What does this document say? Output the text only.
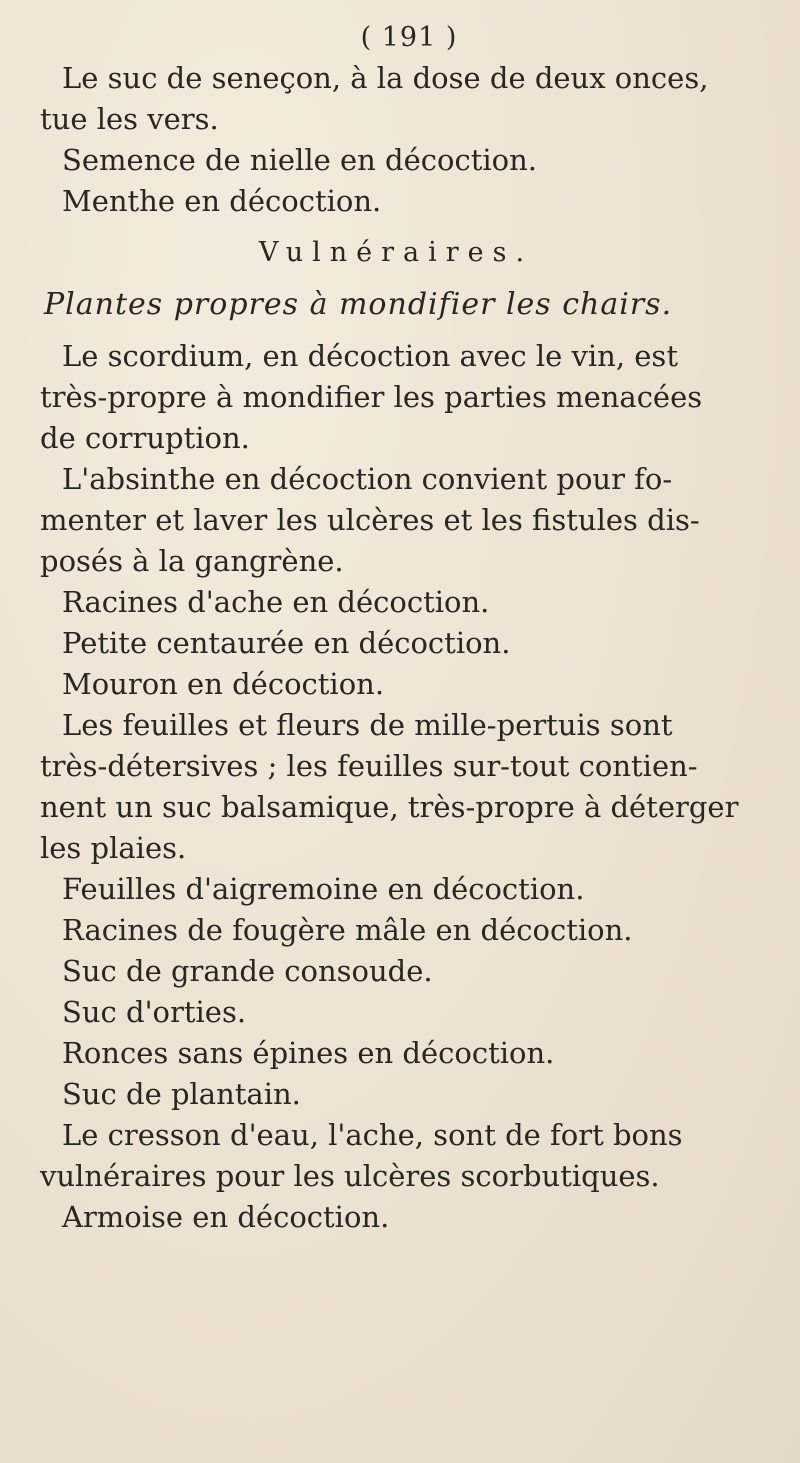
( 191 )
Le suc de seneçon, à la dose de deux onces,
tue les vers.
Semence de nielle en décoction.
Menthe en décoction.
Vulnéraires.
Plantes propres à mondifier les chairs.
Le scordium, en décoction avec le vin, est
très-propre à mondifier les parties menacées
de corruption.
L'absinthe en décoction convient pour fo-
menter et laver les ulcères et les fistules dis-
posés à la gangrène.
Racines d'ache en décoction.
Petite centaurée en décoction.
Mouron en décoction.
Les feuilles et fleurs de mille-pertuis sont
très-détersives ; les feuilles sur-tout contien-
nent un suc balsamique, très-propre à déterger
les plaies.
Feuilles d'aigremoine en décoction.
Racines de fougère mâle en décoction.
Suc de grande consoude.
Suc d'orties.
Ronces sans épines en décoction.
Suc de plantain.
Le cresson d'eau, l'ache, sont de fort bons
vulnéraires pour les ulcères scorbutiques.
Armoise en décoction.
